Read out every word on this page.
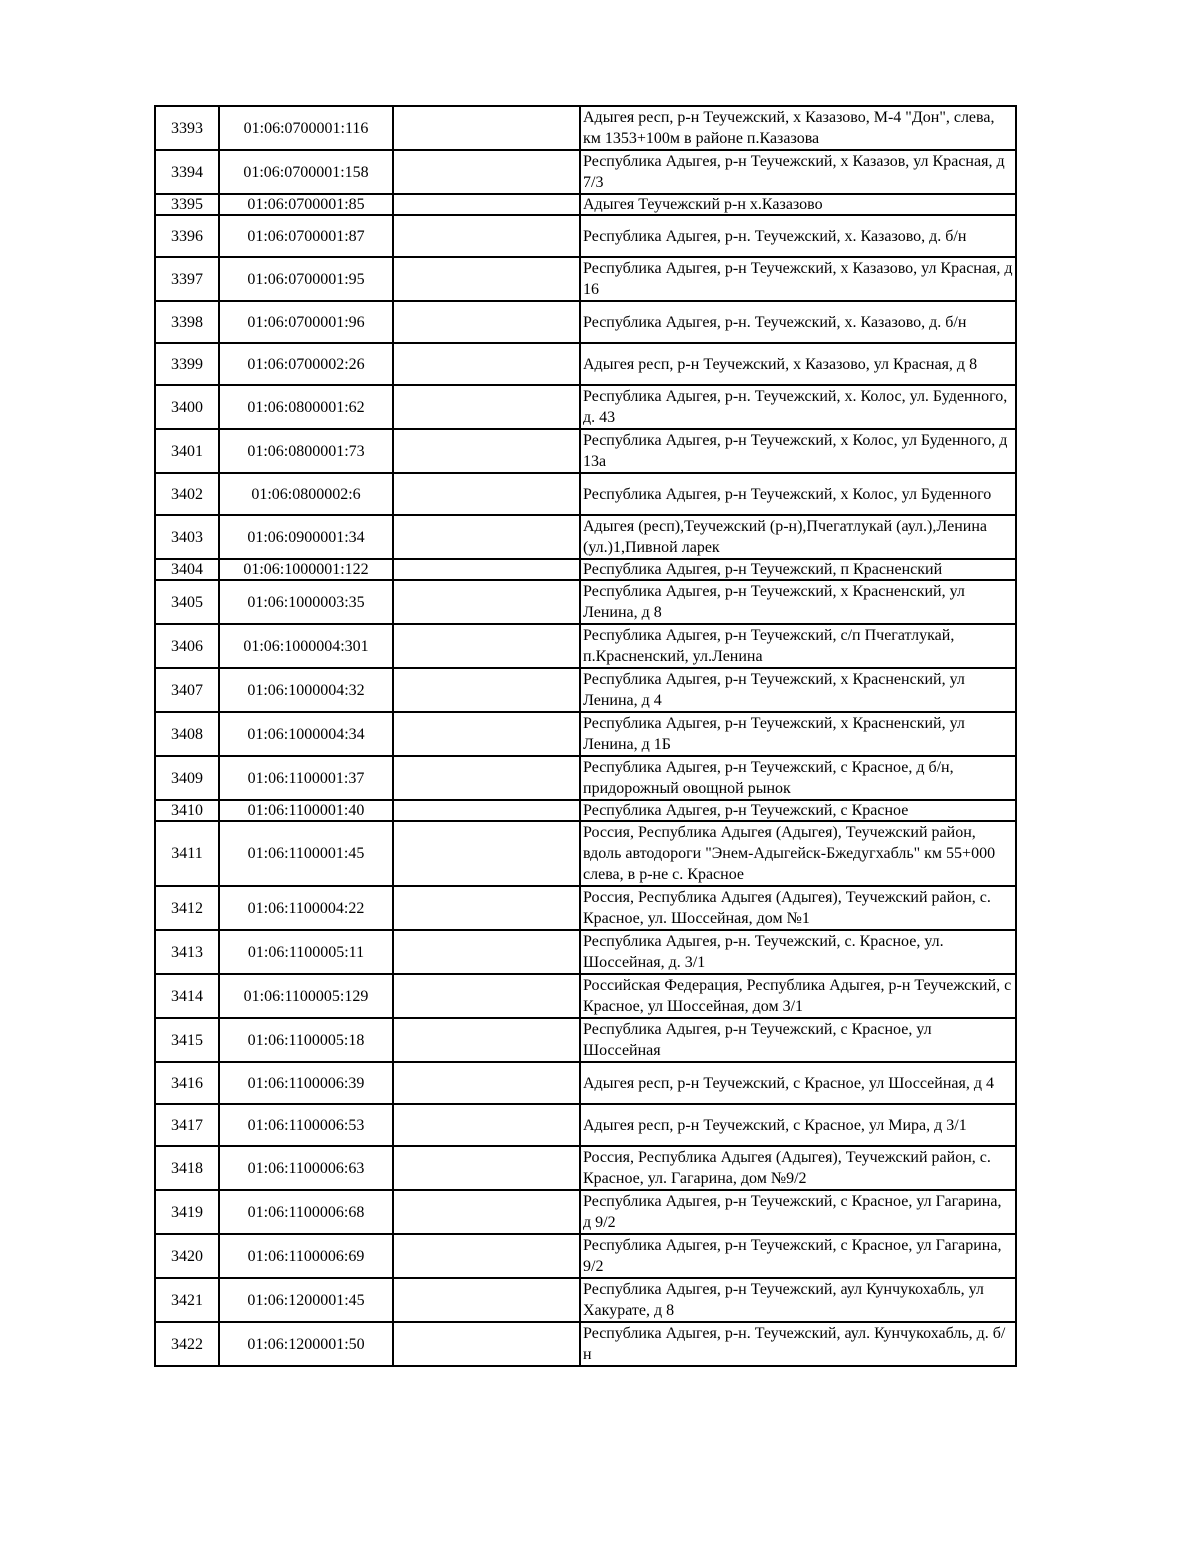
3393	01:06:0700001:116		Адыгея респ, р-н Теучежский, х Казазово, М-4 "Дон", слева, км 1353+100м в районе п.Казазова
3394	01:06:0700001:158		Республика Адыгея, р-н Теучежский, х Казазов, ул Красная, д 7/3
3395	01:06:0700001:85		Адыгея Теучежский р-н х.Казазово
3396	01:06:0700001:87		Республика Адыгея, р-н. Теучежский, х. Казазово, д. б/н
3397	01:06:0700001:95		Республика Адыгея, р-н Теучежский, х Казазово, ул Красная, д 16
3398	01:06:0700001:96		Республика Адыгея, р-н. Теучежский, х. Казазово, д. б/н
3399	01:06:0700002:26		Адыгея респ, р-н Теучежский, х Казазово, ул Красная, д 8
3400	01:06:0800001:62		Республика Адыгея, р-н. Теучежский, х. Колос, ул. Буденного, д. 43
3401	01:06:0800001:73		Республика Адыгея, р-н Теучежский, х Колос, ул Буденного, д 13а
3402	01:06:0800002:6		Республика Адыгея, р-н Теучежский, х Колос, ул Буденного
3403	01:06:0900001:34		Адыгея (респ),Теучежский (р-н),Пчегатлукай (аул.),Ленина (ул.)1,Пивной ларек
3404	01:06:1000001:122		Республика Адыгея, р-н Теучежский, п Красненский
3405	01:06:1000003:35		Республика Адыгея, р-н Теучежский, х Красненский, ул Ленина, д 8
3406	01:06:1000004:301		Республика Адыгея, р-н Теучежский, с/п Пчегатлукай, п.Красненский, ул.Ленина
3407	01:06:1000004:32		Республика Адыгея, р-н Теучежский, х Красненский, ул Ленина, д 4
3408	01:06:1000004:34		Республика Адыгея, р-н Теучежский, х Красненский, ул Ленина, д 1Б
3409	01:06:1100001:37		Республика Адыгея, р-н Теучежский, с Красное, д б/н, придорожный овощной рынок
3410	01:06:1100001:40		Республика Адыгея, р-н Теучежский, с Красное
3411	01:06:1100001:45		Россия, Республика Адыгея (Адыгея), Теучежский район, вдоль автодороги "Энем-Адыгейск-Бжедугхабль" км 55+000 слева, в р-не с. Красное
3412	01:06:1100004:22		Россия, Республика Адыгея (Адыгея), Теучежский район, с. Красное, ул. Шоссейная, дом №1
3413	01:06:1100005:11		Республика Адыгея, р-н. Теучежский, с. Красное, ул. Шоссейная, д. 3/1
3414	01:06:1100005:129		Российская Федерация, Республика Адыгея, р-н Теучежский, с Красное, ул Шоссейная, дом 3/1
3415	01:06:1100005:18		Республика Адыгея, р-н Теучежский, с Красное, ул Шоссейная
3416	01:06:1100006:39		Адыгея респ, р-н Теучежский, с Красное, ул Шоссейная, д 4
3417	01:06:1100006:53		Адыгея респ, р-н Теучежский, с Красное, ул Мира, д 3/1
3418	01:06:1100006:63		Россия, Республика Адыгея (Адыгея), Теучежский район, с. Красное, ул. Гагарина, дом №9/2
3419	01:06:1100006:68		Республика Адыгея, р-н Теучежский, с Красное, ул Гагарина, д 9/2
3420	01:06:1100006:69		Республика Адыгея, р-н Теучежский, с Красное, ул Гагарина, 9/2
3421	01:06:1200001:45		Республика Адыгея, р-н Теучежский, аул Кунчукохабль, ул Хакурате, д 8
3422	01:06:1200001:50		Республика Адыгея, р-н. Теучежский, аул. Кунчукохабль, д. б/н
